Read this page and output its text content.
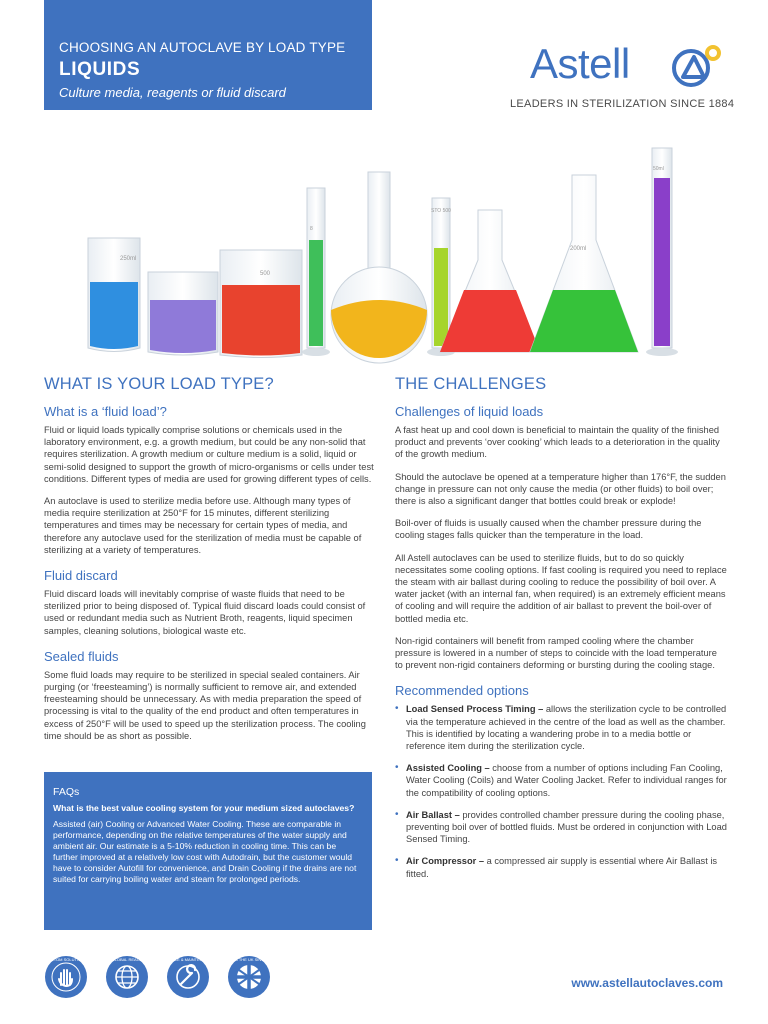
CHOOSING AN AUTOCLAVE BY LOAD TYPE
LIQUIDS
Culture media, reagents or fluid discard
Astell
LEADERS IN STERILIZATION SINCE 1884
250ml
500
8
STO 500
200ml
50ml
WHAT IS YOUR LOAD TYPE?
What is a ‘fluid load’?

Fluid or liquid loads typically comprise solutions or chemicals used in the laboratory environment, e.g. a growth medium, but could be any non-solid that requires sterilization. A growth medium or culture medium is a solid, liquid or semi-solid designed to support the growth of micro-organisms or cells under test conditions. Different types of media are used for growing different types of cells.

An autoclave is used to sterilize media before use. Although many types of media require sterilization at 250°F for 15 minutes, different sterilizing temperatures and times may be necessary for certain types of media, and therefore any autoclave used for the sterilization of media must be capable of sterilizing at a variety of temperatures.

Fluid discard

Fluid discard loads will inevitably comprise of waste fluids that need to be sterilized prior to being disposed of. Typical fluid discard loads could consist of used or redundant media such as Nutrient Broth, reagents, liquid specimen samples, cleaning solutions, biological waste etc.

Sealed fluids

Some fluid loads may require to be sterilized in special sealed containers. Air purging (or ‘freesteaming’) is normally sufficient to remove air, and extended freesteaming should be unnecessary. As with media preparation the speed of processing is vital to the quality of the end product and often temperatures in excess of 250°F will be used to speed up the sterilization process. The cooling time should be as short as possible.

FAQs
What is the best value cooling system for your medium sized autoclaves?
Assisted (air) Cooling or Advanced Water Cooling. These are comparable in performance, depending on the relative temperatures of the water supply and ambient air. Our estimate is a 5-10% reduction in cooling time. This can be further improved at a relatively low cost with Autodrain, but the customer would have to consider Autofill for convenience, and Drain Cooling if the drains are not suited for carrying boiling water and steam for prolonged periods.
THE CHALLENGES
Challenges of liquid loads

A fast heat up and cool down is beneficial to maintain the quality of the finished product and prevents ‘over cooking’ which leads to a deterioration in the quality of the growth medium.

Should the autoclave be opened at a temperature higher than 176°F, the sudden change in pressure can not only cause the media (or other fluids) to boil over; there is also a significant danger that bottles could break or explode!

Boil-over of fluids is usually caused when the chamber pressure during the cooling stages falls quicker than the temperature in the load.

All Astell autoclaves can be used to sterilize fluids, but to do so quickly necessitates some cooling options. If fast cooling is required you need to replace the steam with air ballast during cooling to reduce the possibility of boil over. A water jacket (with an internal fan, when required) is an extremely efficient means of cooling and will require the addition of air ballast to prevent the boil-over of bottled media etc.

Non-rigid containers will benefit from ramped cooling where the chamber pressure is lowered in a number of steps to coincide with the load temperature to prevent non-rigid containers deforming or bursting during the cooling stage.

Recommended options
• Load Sensed Process Timing – allows the sterilization cycle to be controlled via the temperature achieved in the centre of the load as well as the chamber. This is identified by locating a wandering probe in to a media bottle or reference item during the sterilization cycle.
• Assisted Cooling – choose from a number of options including Fan Cooling, Water Cooling (Coils) and Water Cooling Jacket. Refer to individual ranges for the compatibility of cooling options.
• Air Ballast – provides controlled chamber pressure during the cooling phase, preventing boil over of bottled fluids. Must be ordered in conjunction with Load Sensed Timing.
• Air Compressor – a compressed air supply is essential where Air Ballast is fitted.
CUSTOM SOLUTIONS	GLOBAL REACH	SERVICE & MAINTENANCE MADE IN THE UK SINCE 1884
www.astellautoclaves.com
